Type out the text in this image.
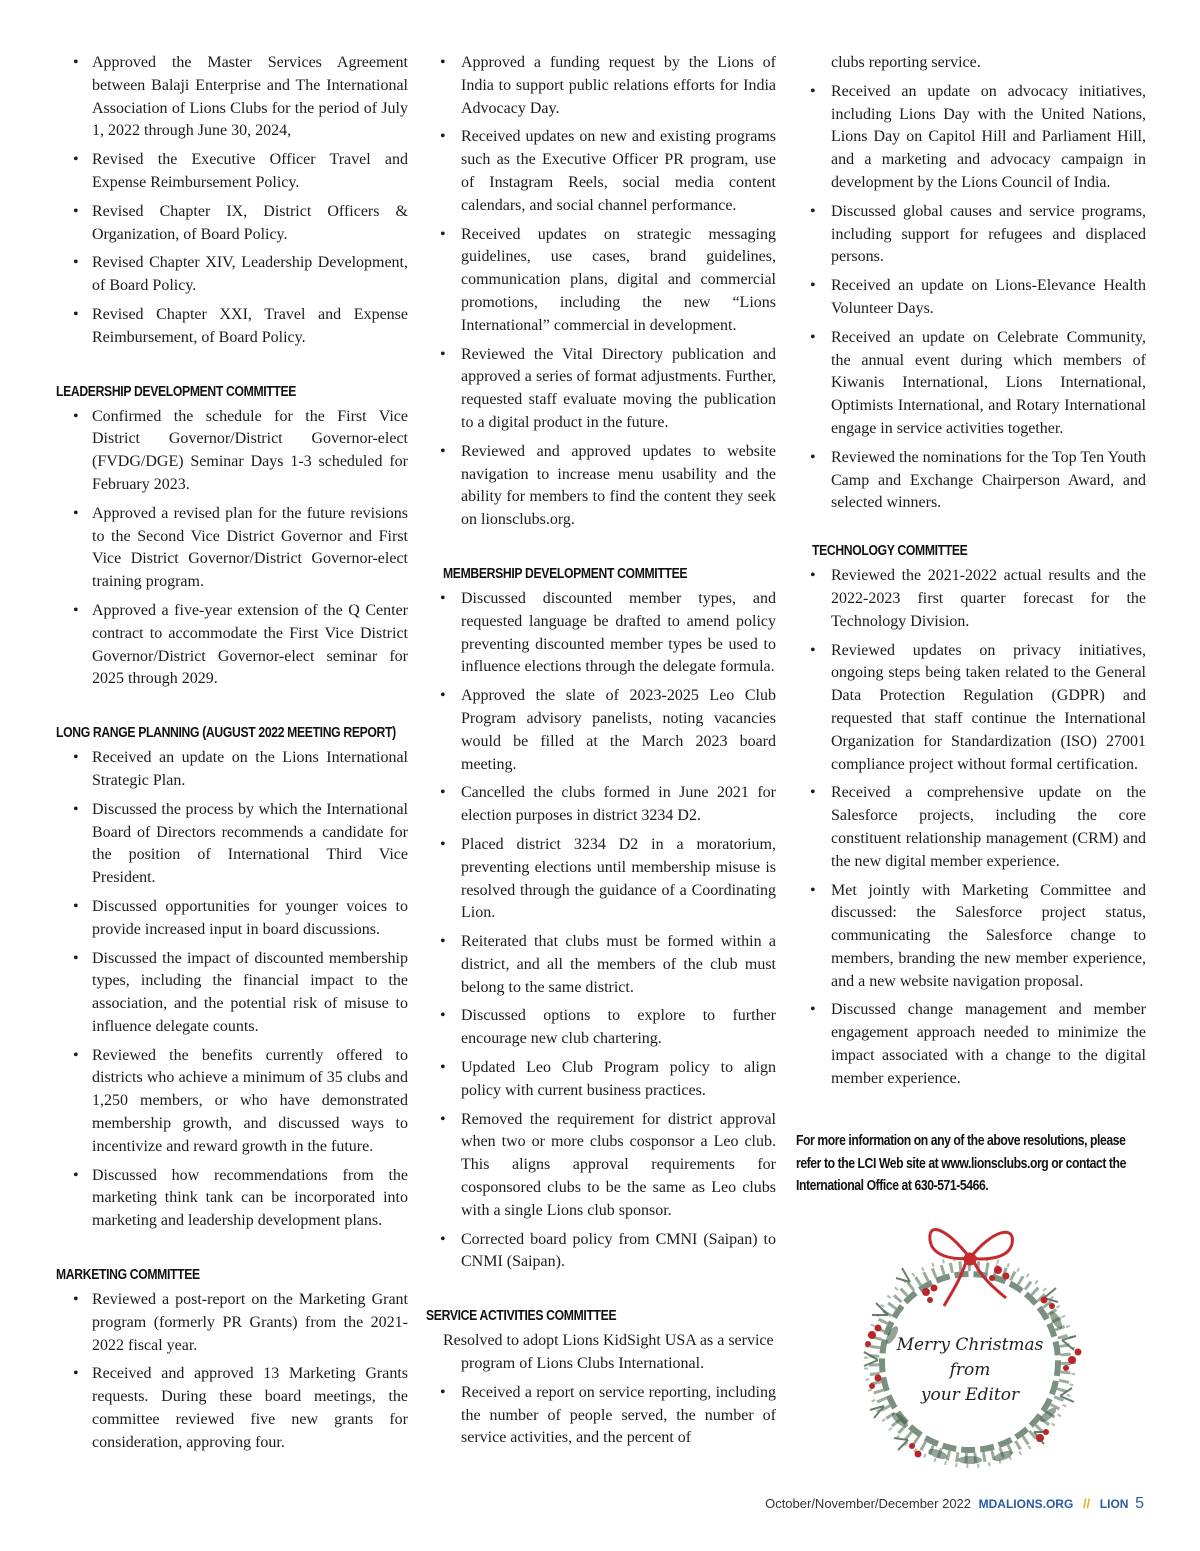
• Approved the Master Services Agreement between Balaji Enterprise and The International Association of Lions Clubs for the period of July 1, 2022 through June 30, 2024,
• Revised the Executive Officer Travel and Expense Reimbursement Policy.
• Revised Chapter IX, District Officers & Organization, of Board Policy.
• Revised Chapter XIV, Leadership Development, of Board Policy.
• Revised Chapter XXI, Travel and Expense Reimbursement, of Board Policy.
LEADERSHIP DEVELOPMENT COMMITTEE
• Confirmed the schedule for the First Vice District Governor/District Governor-elect (FVDG/DGE) Seminar Days 1-3 scheduled for February 2023.
• Approved a revised plan for the future revisions to the Second Vice District Governor and First Vice District Governor/District Governor-elect training program.
• Approved a five-year extension of the Q Center contract to accommodate the First Vice District Governor/District Governor-elect seminar for 2025 through 2029.
LONG RANGE PLANNING (AUGUST 2022 MEETING REPORT)
• Received an update on the Lions International Strategic Plan.
• Discussed the process by which the International Board of Directors recommends a candidate for the position of International Third Vice President.
• Discussed opportunities for younger voices to provide increased input in board discussions.
• Discussed the impact of discounted membership types, including the financial impact to the association, and the potential risk of misuse to influence delegate counts.
• Reviewed the benefits currently offered to districts who achieve a minimum of 35 clubs and 1,250 members, or who have demonstrated membership growth, and discussed ways to incentivize and reward growth in the future.
• Discussed how recommendations from the marketing think tank can be incorporated into marketing and leadership development plans.
MARKETING COMMITTEE
• Reviewed a post-report on the Marketing Grant program (formerly PR Grants) from the 2021-2022 fiscal year.
• Received and approved 13 Marketing Grants requests. During these board meetings, the committee reviewed five new grants for consideration, approving four.
• Approved a funding request by the Lions of India to support public relations efforts for India Advocacy Day.
• Received updates on new and existing programs such as the Executive Officer PR program, use of Instagram Reels, social media content calendars, and social channel performance.
• Received updates on strategic messaging guidelines, use cases, brand guidelines, communication plans, digital and commercial promotions, including the new “Lions International” commercial in development.
• Reviewed the Vital Directory publication and approved a series of format adjustments. Further, requested staff evaluate moving the publication to a digital product in the future.
• Reviewed and approved updates to website navigation to increase menu usability and the ability for members to find the content they seek on lionsclubs.org.
MEMBERSHIP DEVELOPMENT COMMITTEE
• Discussed discounted member types, and requested language be drafted to amend policy preventing discounted member types be used to influence elections through the delegate formula.
• Approved the slate of 2023-2025 Leo Club Program advisory panelists, noting vacancies would be filled at the March 2023 board meeting.
• Cancelled the clubs formed in June 2021 for election purposes in district 3234 D2.
• Placed district 3234 D2 in a moratorium, preventing elections until membership misuse is resolved through the guidance of a Coordinating Lion.
• Reiterated that clubs must be formed within a district, and all the members of the club must belong to the same district.
• Discussed options to explore to further encourage new club chartering.
• Updated Leo Club Program policy to align policy with current business practices.
• Removed the requirement for district approval when two or more clubs cosponsor a Leo club. This aligns approval requirements for cosponsored clubs to be the same as Leo clubs with a single Lions club sponsor.
• Corrected board policy from CMNI (Saipan) to CNMI (Saipan).
SERVICE ACTIVITIES COMMITTEE
Resolved to adopt Lions KidSight USA as a service
program of Lions Clubs International.
• Received a report on service reporting, including the number of people served, the number of service activities, and the percent of
clubs reporting service.
• Received an update on advocacy initiatives, including Lions Day with the United Nations, Lions Day on Capitol Hill and Parliament Hill, and a marketing and advocacy campaign in development by the Lions Council of India.
• Discussed global causes and service programs, including support for refugees and displaced persons.
• Received an update on Lions-Elevance Health Volunteer Days.
• Received an update on Celebrate Community, the annual event during which members of Kiwanis International, Lions International, Optimists International, and Rotary International engage in service activities together.
• Reviewed the nominations for the Top Ten Youth Camp and Exchange Chairperson Award, and selected winners.
TECHNOLOGY COMMITTEE
• Reviewed the 2021-2022 actual results and the 2022-2023 first quarter forecast for the Technology Division.
• Reviewed updates on privacy initiatives, ongoing steps being taken related to the General Data Protection Regulation (GDPR) and requested that staff continue the International Organization for Standardization (ISO) 27001 compliance project without formal certification.
• Received a comprehensive update on the Salesforce projects, including the core constituent relationship management (CRM) and the new digital member experience.
• Met jointly with Marketing Committee and discussed: the Salesforce project status, communicating the Salesforce change to members, branding the new member experience, and a new website navigation proposal.
• Discussed change management and member engagement approach needed to minimize the impact associated with a change to the digital member experience.
For more information on any of the above resolutions, please
refer to the LCI Web site at www.lionsclubs.org or contact the
International Office at 630-571-5466.
Merry Christmas
from
your Editor
October/November/December 2022 MDALIONS.ORG // LION 5
